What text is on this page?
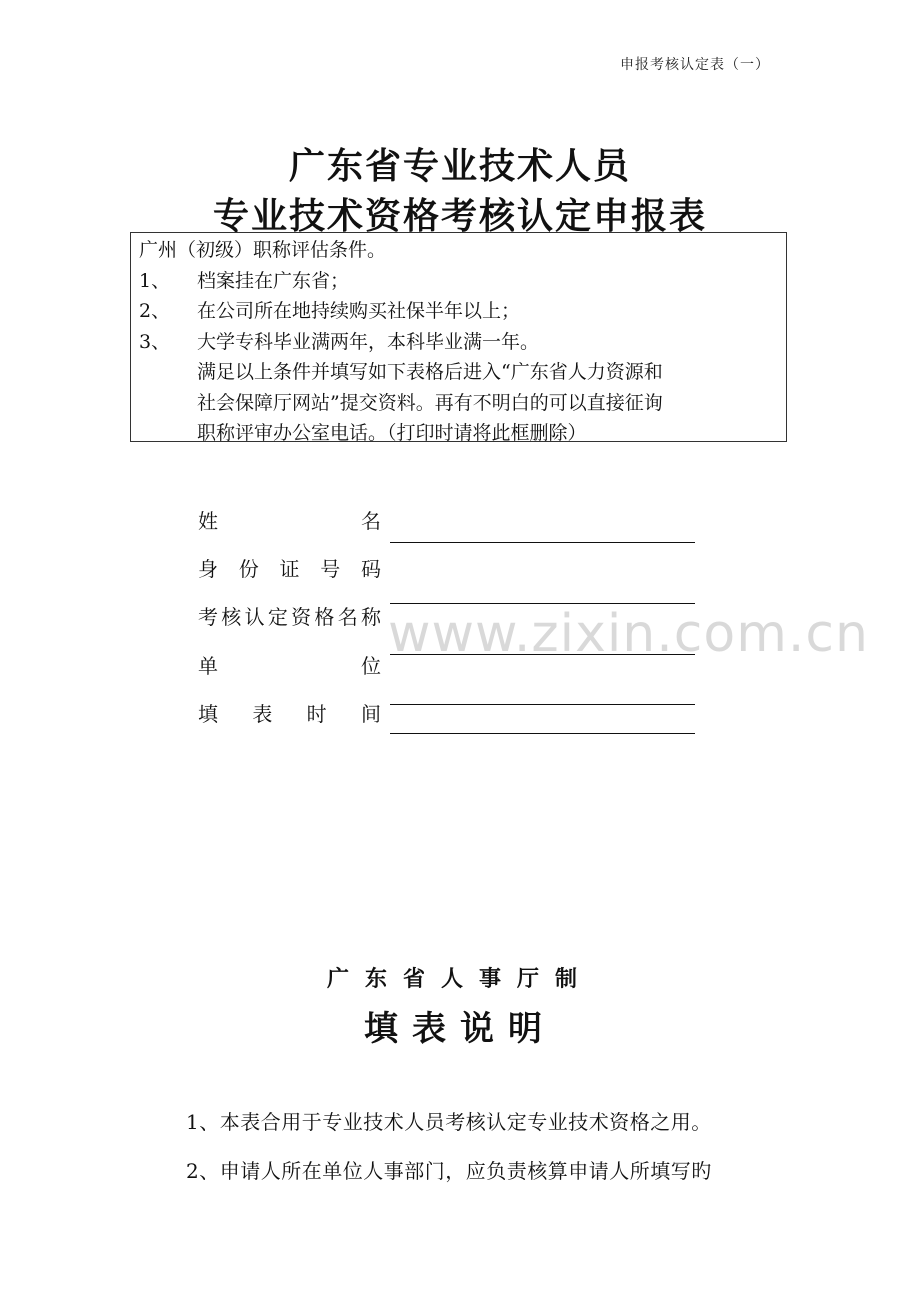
申报考核认定表（一）
广东省专业技术人员
专业技术资格考核认定申报表
广州（初级）职称评估条件。
1、	档案挂在广东省；
2、	在公司所在地持续购买社保半年以上；
3、	大学专科毕业满两年，本科毕业满一年。
满足以上条件并填写如下表格后进入“广东省人力资源和
社会保障厅网站”提交资料。再有不明白的可以直接征询
职称评审办公室电话。（打印时请将此框删除）
姓	名
身 份 证 号 码
考 核 认 定 资 格 名 称
单	位
填 表 时 间
www.zixin.com.cn
广东省人事厅制
填表说明
1、本表合用于专业技术人员考核认定专业技术资格之用。
2、申请人所在单位人事部门，应负责核算申请人所填写旳
